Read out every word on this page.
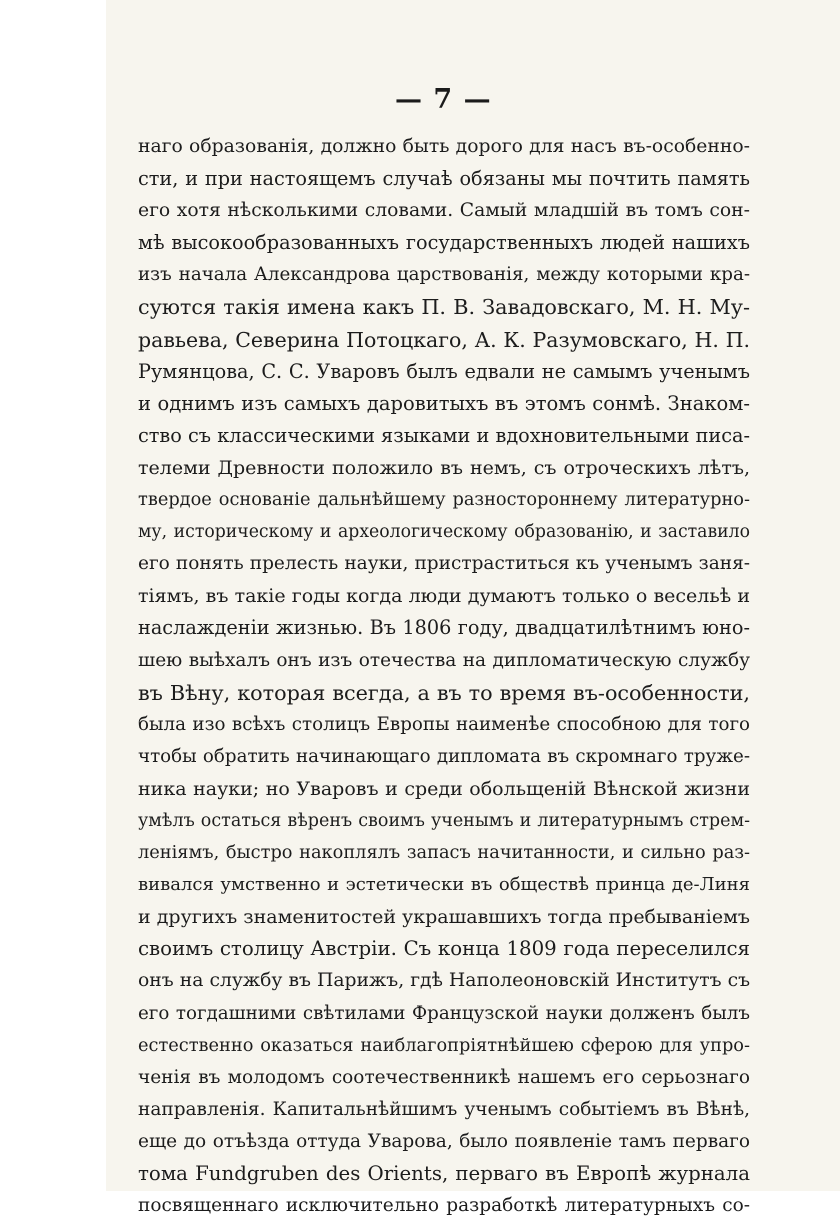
— 7 —
наго образованія, должно быть дорого для насъ въ-особенно-
сти, и при настоящемъ случаѣ обязаны мы почтить память
его хотя нѣсколькими словами. Самый младшій въ томъ сон-
мѣ высокообразованныхъ государственныхъ людей нашихъ
изъ начала Александрова царствованія, между которыми кра-
суются такія имена какъ П. В. Завадовскаго, М. Н. Му-
равьева, Северина Потоцкаго, А. К. Разумовскаго, Н. П.
Румянцова, С. С. Уваровъ былъ едвали не самымъ ученымъ
и однимъ изъ самыхъ даровитыхъ въ этомъ сонмѣ. Знаком-
ство съ классическими языками и вдохновительными писа-
телеми Древности положило въ немъ, съ отроческихъ лѣтъ,
твердое основаніе дальнѣйшему разностороннему литературно-
му, историческому и археологическому образованію, и заставило
его понять прелесть науки, пристраститься къ ученымъ заня-
тіямъ, въ такіе годы когда люди думаютъ только о весельѣ и
наслажденіи жизнью. Въ 1806 году, двадцатилѣтнимъ юно-
шею выѣхалъ онъ изъ отечества на дипломатическую службу
въ Вѣну, которая всегда, а въ то время въ-особенности,
была изо всѣхъ столицъ Европы наименѣе способною для того
чтобы обратить начинающаго дипломата въ скромнаго труже-
ника науки; но Уваровъ и среди обольщеній Вѣнской жизни
умѣлъ остаться вѣренъ своимъ ученымъ и литературнымъ стрем-
леніямъ, быстро накоплялъ запасъ начитанности, и сильно раз-
вивался умственно и эстетически въ обществѣ принца де-Линя
и другихъ знаменитостей украшавшихъ тогда пребываніемъ
своимъ столицу Австріи. Съ конца 1809 года переселился
онъ на службу въ Парижъ, гдѣ Наполеоновскій Институтъ съ
его тогдашними свѣтилами Французской науки долженъ былъ
естественно оказаться наиблагопріятнѣйшею сферою для упро-
ченія въ молодомъ соотечественникѣ нашемъ его серьознаго
направленія. Капитальнѣйшимъ ученымъ событіемъ въ Вѣнѣ,
еще до отъѣзда оттуда Уварова, было появленіе тамъ перваго
тома Fundgruben des Orients, перваго въ Европѣ журнала
посвященнаго исключительно разработкѣ литературныхъ со-
